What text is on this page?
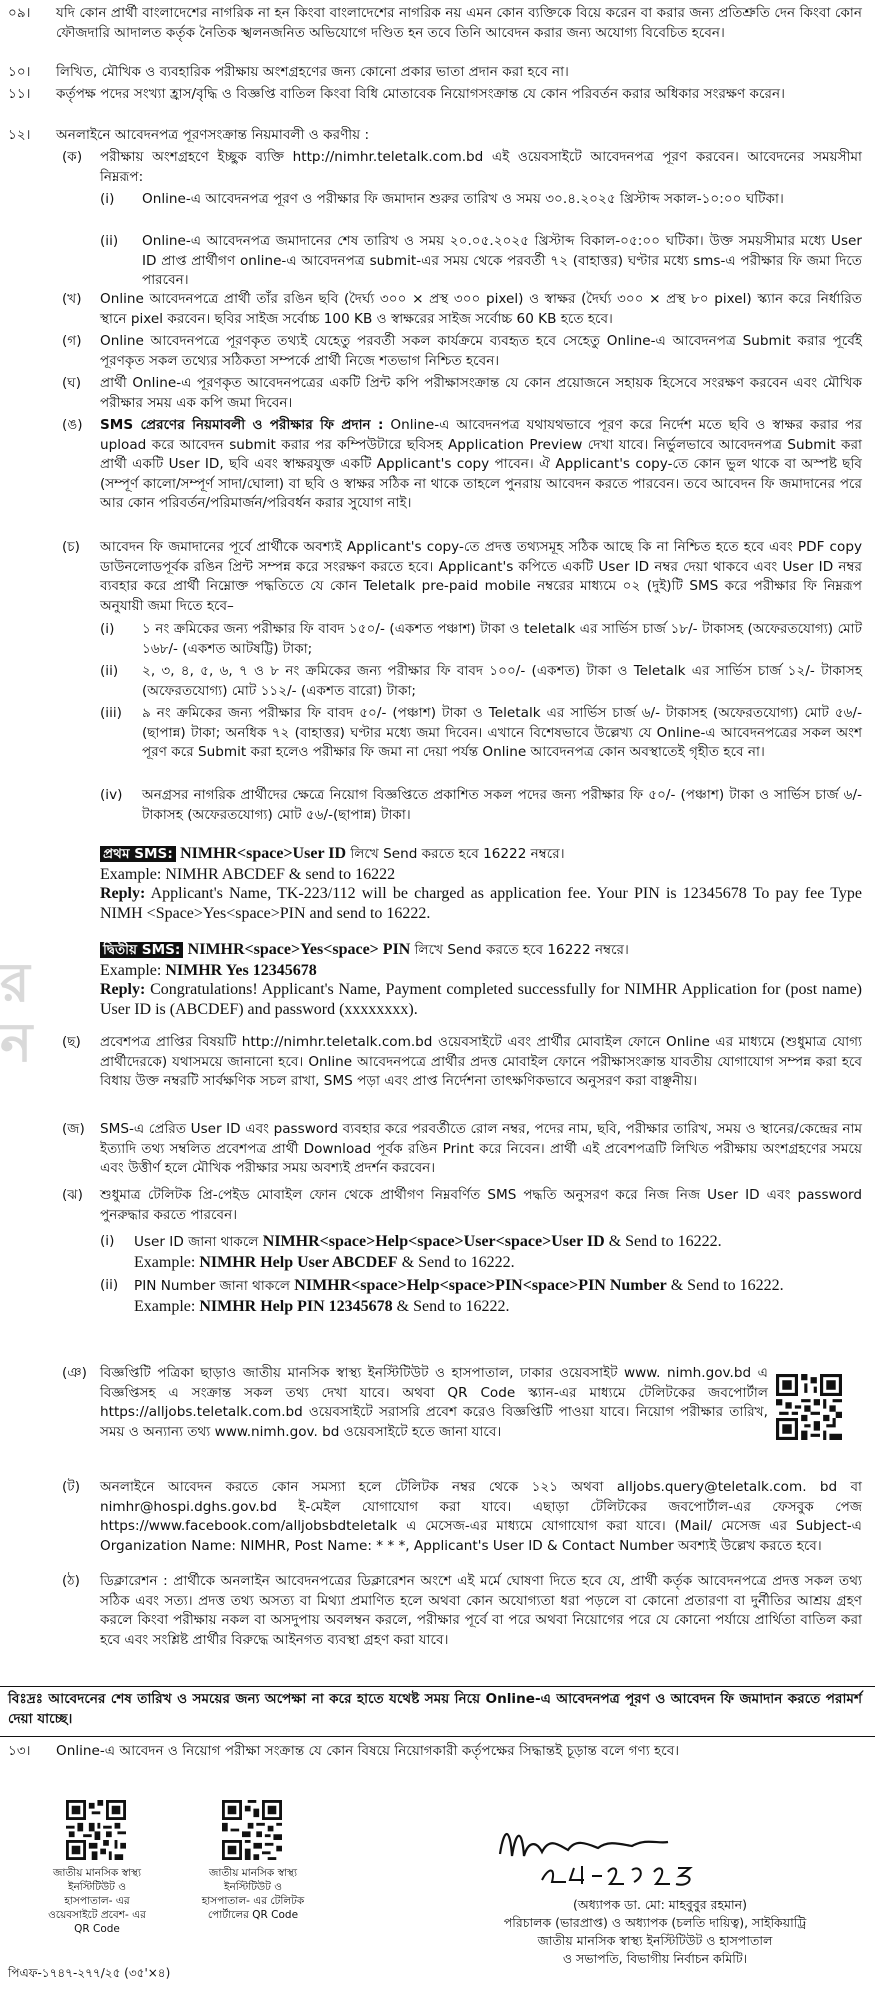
র ন
০৯।	যদি কোন প্রার্থী বাংলাদেশের নাগরিক না হন কিংবা বাংলাদেশের নাগরিক নয় এমন কোন ব্যক্তিকে বিয়ে করেন বা করার জন্য প্রতিশ্রুতি দেন কিংবা কোন ফৌজদারি আদালত কর্তৃক নৈতিক স্খলনজনিত অভিযোগে দণ্ডিত হন তবে তিনি আবেদন করার জন্য অযোগ্য বিবেচিত হবেন।
১০।	লিখিত, মৌখিক ও ব্যবহারিক পরীক্ষায় অংশগ্রহণের জন্য কোনো প্রকার ভাতা প্রদান করা হবে না।
১১।	কর্তৃপক্ষ পদের সংখ্যা হ্রাস/বৃদ্ধি ও বিজ্ঞপ্তি বাতিল কিংবা বিধি মোতাবেক নিয়োগসংক্রান্ত যে কোন পরিবর্তন করার অধিকার সংরক্ষণ করেন।
১২।	অনলাইনে আবেদনপত্র পূরণসংক্রান্ত নিয়মাবলী ও করণীয় :
(ক)	পরীক্ষায় অংশগ্রহণে ইচ্ছুক ব্যক্তি http://nimhr.teletalk.com.bd এই ওয়েবসাইটে আবেদনপত্র পূরণ করবেন। আবেদনের সময়সীমা নিম্নরূপ:
(i)	Online-এ আবেদনপত্র পূরণ ও পরীক্ষার ফি জমাদান শুরুর তারিখ ও সময় ৩০.৪.২০২৫ খ্রিস্টাব্দ সকাল-১০:০০ ঘটিকা।
(ii)	Online-এ আবেদনপত্র জমাদানের শেষ তারিখ ও সময় ২০.০৫.২০২৫ খ্রিস্টাব্দ বিকাল-০৫:০০ ঘটিকা। উক্ত সময়সীমার মধ্যে User ID প্রাপ্ত প্রার্থীগণ online-এ আবেদনপত্র submit-এর সময় থেকে পরবর্তী ৭২ (বাহাত্তর) ঘণ্টার মধ্যে sms-এ পরীক্ষার ফি জমা দিতে পারবেন।
(খ)	Online আবেদনপত্রে প্রার্থী তাঁর রঙিন ছবি (দৈর্ঘ্য ৩০০ × প্রস্থ ৩০০ pixel) ও স্বাক্ষর (দৈর্ঘ্য ৩০০ × প্রস্থ ৮০ pixel) স্ক্যান করে নির্ধারিত স্থানে pixel করবেন। ছবির সাইজ সর্বোচ্চ 100 KB ও স্বাক্ষরের সাইজ সর্বোচ্চ 60 KB হতে হবে।
(গ)	Online আবেদনপত্রে পূরণকৃত তথ্যই যেহেতু পরবর্তী সকল কার্যক্রমে ব্যবহৃত হবে সেহেতু Online-এ আবেদনপত্র Submit করার পূর্বেই পূরণকৃত সকল তথ্যের সঠিকতা সম্পর্কে প্রার্থী নিজে শতভাগ নিশ্চিত হবেন।
(ঘ)	প্রার্থী Online-এ পূরণকৃত আবেদনপত্রের একটি প্রিন্ট কপি পরীক্ষাসংক্রান্ত যে কোন প্রয়োজনে সহায়ক হিসেবে সংরক্ষণ করবেন এবং মৌখিক পরীক্ষার সময় এক কপি জমা দিবেন।
(ঙ)	SMS প্রেরণের নিয়মাবলী ও পরীক্ষার ফি প্রদান : Online-এ আবেদনপত্র যথাযথভাবে পূরণ করে নির্দেশ মতে ছবি ও স্বাক্ষর করার পর upload করে আবেদন submit করার পর কম্পিউটারে ছবিসহ Application Preview দেখা যাবে। নির্ভুলভাবে আবেদনপত্র Submit করা প্রার্থী একটি User ID, ছবি এবং স্বাক্ষরযুক্ত একটি Applicant's copy পাবেন। ঐ Applicant's copy-তে কোন ভুল থাকে বা অস্পষ্ট ছবি (সম্পূর্ণ কালো/সম্পূর্ণ সাদা/ঘোলা) বা ছবি ও স্বাক্ষর সঠিক না থাকে তাহলে পুনরায় আবেদন করতে পারবেন। তবে আবেদন ফি জমাদানের পরে আর কোন পরিবর্তন/পরিমার্জন/পরিবর্ধন করার সুযোগ নাই।
(চ)	আবেদন ফি জমাদানের পূর্বে প্রার্থীকে অবশ্যই Applicant's copy-তে প্রদত্ত তথ্যসমূহ সঠিক আছে কি না নিশ্চিত হতে হবে এবং PDF copy ডাউনলোডপূর্বক রঙিন প্রিন্ট সম্পন্ন করে সংরক্ষণ করতে হবে। Applicant's কপিতে একটি User ID নম্বর দেয়া থাকবে এবং User ID নম্বর ব্যবহার করে প্রার্থী নিম্নোক্ত পদ্ধতিতে যে কোন Teletalk pre-paid mobile নম্বরের মাধ্যমে ০২ (দুই)টি SMS করে পরীক্ষার ফি নিম্নরূপ অনুযায়ী জমা দিতে হবে–
(i)	১ নং ক্রমিকের জন্য পরীক্ষার ফি বাবদ ১৫০/- (একশত পঞ্চাশ) টাকা ও teletalk এর সার্ভিস চার্জ ১৮/- টাকাসহ (অফেরতযোগ্য) মোট ১৬৮/- (একশত আটষট্টি) টাকা;
(ii)	২, ৩, ৪, ৫, ৬, ৭ ও ৮ নং ক্রমিকের জন্য পরীক্ষার ফি বাবদ ১০০/- (একশত) টাকা ও Teletalk এর সার্ভিস চার্জ ১২/- টাকাসহ (অফেরতযোগ্য) মোট ১১২/- (একশত বারো) টাকা;
(iii)	৯ নং ক্রমিকের জন্য পরীক্ষার ফি বাবদ ৫০/- (পঞ্চাশ) টাকা ও Teletalk এর সার্ভিস চার্জ ৬/- টাকাসহ (অফেরতযোগ্য) মোট ৫৬/- (ছাপান্ন) টাকা; অনধিক ৭২ (বাহাত্তর) ঘণ্টার মধ্যে জমা দিবেন। এখানে বিশেষভাবে উল্লেখ্য যে Online-এ আবেদনপত্রের সকল অংশ পূরণ করে Submit করা হলেও পরীক্ষার ফি জমা না দেয়া পর্যন্ত Online আবেদনপত্র কোন অবস্থাতেই গৃহীত হবে না।
(iv)	অনগ্রসর নাগরিক প্রার্থীদের ক্ষেত্রে নিয়োগ বিজ্ঞপ্তিতে প্রকাশিত সকল পদের জন্য পরীক্ষার ফি ৫০/- (পঞ্চাশ) টাকা ও সার্ভিস চার্জ ৬/- টাকাসহ (অফেরতযোগ্য) মোট ৫৬/-(ছাপান্ন) টাকা।
প্রথম SMS: NIMHR<space>User ID লিখে Send করতে হবে 16222 নম্বরে।
Example: NIMHR ABCDEF & send to 16222
Reply: Applicant's Name, TK-223/112 will be charged as application fee. Your PIN is 12345678 To pay fee Type NIMH <Space>Yes<space>PIN and send to 16222.
দ্বিতীয় SMS: NIMHR<space>Yes<space> PIN লিখে Send করতে হবে 16222 নম্বরে।
Example: NIMHR Yes 12345678
Reply: Congratulations! Applicant's Name, Payment completed successfully for NIMHR Application for (post name) User ID is (ABCDEF) and password (xxxxxxxx).
(ছ)	প্রবেশপত্র প্রাপ্তির বিষয়টি http://nimhr.teletalk.com.bd ওয়েবসাইটে এবং প্রার্থীর মোবাইল ফোনে Online এর মাধ্যমে (শুধুমাত্র যোগ্য প্রার্থীদেরকে) যথাসময়ে জানানো হবে। Online আবেদনপত্রে প্রার্থীর প্রদত্ত মোবাইল ফোনে পরীক্ষাসংক্রান্ত যাবতীয় যোগাযোগ সম্পন্ন করা হবে বিধায় উক্ত নম্বরটি সার্বক্ষণিক সচল রাখা, SMS পড়া এবং প্রাপ্ত নির্দেশনা তাৎক্ষণিকভাবে অনুসরণ করা বাঞ্ছনীয়।
(জ)	SMS-এ প্রেরিত User ID এবং password ব্যবহার করে পরবর্তীতে রোল নম্বর, পদের নাম, ছবি, পরীক্ষার তারিখ, সময় ও স্থানের/কেন্দ্রের নাম ইত্যাদি তথ্য সম্বলিত প্রবেশপত্র প্রার্থী Download পূর্বক রঙিন Print করে নিবেন। প্রার্থী এই প্রবেশপত্রটি লিখিত পরীক্ষায় অংশগ্রহণের সময়ে এবং উত্তীর্ণ হলে মৌখিক পরীক্ষার সময় অবশ্যই প্রদর্শন করবেন।
(ঝ)	শুধুমাত্র টেলিটক প্রি-পেইড মোবাইল ফোন থেকে প্রার্থীগণ নিম্নবর্ণিত SMS পদ্ধতি অনুসরণ করে নিজ নিজ User ID এবং password পুনরুদ্ধার করতে পারবেন।
(i)	User ID জানা থাকলে NIMHR<space>Help<space>User<space>User ID & Send to 16222.
Example: NIMHR Help User ABCDEF & Send to 16222.
(ii)	PIN Number জানা থাকলে NIMHR<space>Help<space>PIN<space>PIN Number & Send to 16222.
Example: NIMHR Help PIN 12345678 & Send to 16222.
(ঞ) বিজ্ঞপ্তিটি পত্রিকা ছাড়াও জাতীয় মানসিক স্বাস্থ্য ইনস্টিটিউট ও হাসপাতাল, ঢাকার ওয়েবসাইট www. nimh.gov.bd এ বিজ্ঞপ্তিসহ এ সংক্রান্ত সকল তথ্য দেখা যাবে। অথবা QR Code স্ক্যান-এর মাধ্যমে টেলিটকের জবপোর্টাল https://alljobs.teletalk.com.bd ওয়েবসাইটে সরাসরি প্রবেশ করেও বিজ্ঞপ্তিটি পাওয়া যাবে। নিয়োগ পরীক্ষার তারিখ, সময় ও অন্যান্য তথ্য www.nimh.gov. bd ওয়েবসাইটে হতে জানা যাবে।
(ট)	অনলাইনে আবেদন করতে কোন সমস্যা হলে টেলিটক নম্বর থেকে ১২১ অথবা alljobs.query@teletalk.com. bd বা nimhr@hospi.dghs.gov.bd ই-মেইল যোগাযোগ করা যাবে। এছাড়া টেলিটকের জবপোর্টাল-এর ফেসবুক পেজ https://www.facebook.com/alljobsbdteletalk এ মেসেজ-এর মাধ্যমে যোগাযোগ করা যাবে। (Mail/ মেসেজ এর Subject-এ Organization Name: NIMHR, Post Name: * * *, Applicant's User ID & Contact Number অবশ্যই উল্লেখ করতে হবে।
(ঠ)	ডিক্লারেশন : প্রার্থীকে অনলাইন আবেদনপত্রের ডিক্লারেশন অংশে এই মর্মে ঘোষণা দিতে হবে যে, প্রার্থী কর্তৃক আবেদনপত্রে প্রদত্ত সকল তথ্য সঠিক এবং সত্য। প্রদত্ত তথ্য অসত্য বা মিথ্যা প্রমাণিত হলে অথবা কোন অযোগ্যতা ধরা পড়লে বা কোনো প্রতারণা বা দুর্নীতির আশ্রয় গ্রহণ করলে কিংবা পরীক্ষায় নকল বা অসদুপায় অবলম্বন করলে, পরীক্ষার পূর্বে বা পরে অথবা নিয়োগের পরে যে কোনো পর্যায়ে প্রার্থিতা বাতিল করা হবে এবং সংশ্লিষ্ট প্রার্থীর বিরুদ্ধে আইনগত ব্যবস্থা গ্রহণ করা যাবে।
বিঃদ্রঃ আবেদনের শেষ তারিখ ও সময়ের জন্য অপেক্ষা না করে হাতে যথেষ্ট সময় নিয়ে Online-এ আবেদনপত্র পূরণ ও আবেদন ফি জমাদান করতে পরামর্শ দেয়া যাচ্ছে।
১৩।	Online-এ আবেদন ও নিয়োগ পরীক্ষা সংক্রান্ত যে কোন বিষয়ে নিয়োগকারী কর্তৃপক্ষের সিদ্ধান্তই চূড়ান্ত বলে গণ্য হবে।
জাতীয় মানসিক স্বাস্থ্য ইনস্টিটিউট ও হাসপাতাল- এর ওয়েবসাইটে প্রবেশ- এর QR Code
জাতীয় মানসিক স্বাস্থ্য ইনস্টিটিউট ও হাসপাতাল- এর টেলিটক পোর্টালের QR Code
(অধ্যাপক ডা. মো: মাহবুবুর রহমান)
পরিচালক (ভারপ্রাপ্ত) ও অধ্যাপক (চলতি দায়িত্ব), সাইকিয়াট্রি
জাতীয় মানসিক স্বাস্থ্য ইনস্টিটিউট ও হাসপাতাল
ও সভাপতি, বিভাগীয় নির্বাচন কমিটি।
পিএফ-১৭৪৭-২৭৭/২৫ (৩৫'×৪)
